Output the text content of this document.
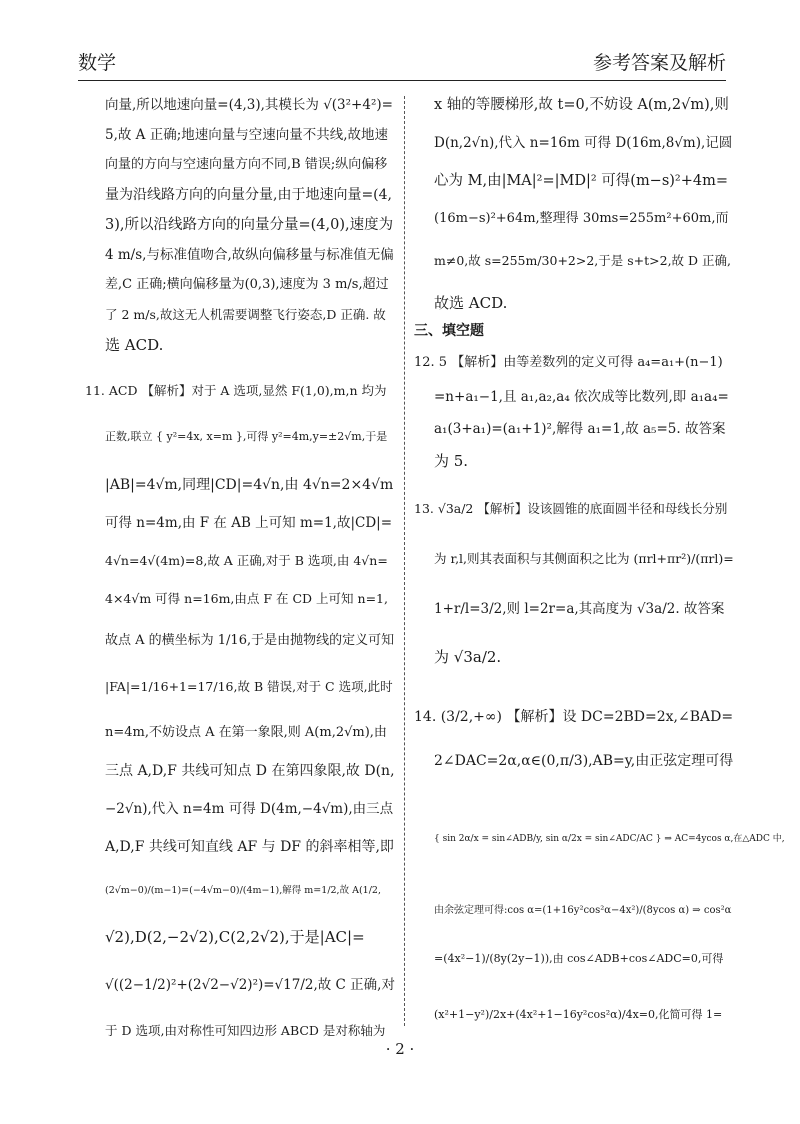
数学	参考答案及解析
向量,所以地速向量=(4,3),其模长为 √(3²+4²)=
5,故 A 正确;地速向量与空速向量不共线,故地速
向量的方向与空速向量方向不同,B 错误;纵向偏移
量为沿线路方向的向量分量,由于地速向量=(4,
3),所以沿线路方向的向量分量=(4,0),速度为
4 m/s,与标准值吻合,故纵向偏移量与标准值无偏
差,C 正确;横向偏移量为(0,3),速度为 3 m/s,超过
了 2 m/s,故这无人机需要调整飞行姿态,D 正确. 故
选 ACD.
11. ACD 【解析】对于 A 选项,显然 F(1,0),m,n 均为
正数,联立 { y²=4x, x=m },可得 y²=4m,y=±2√m,于是
|AB|=4√m,同理|CD|=4√n,由 4√n=2×4√m
可得 n=4m,由 F 在 AB 上可知 m=1,故|CD|=
4√n=4√(4m)=8,故 A 正确,对于 B 选项,由 4√n=
4×4√m 可得 n=16m,由点 F 在 CD 上可知 n=1,
故点 A 的横坐标为 1/16,于是由抛物线的定义可知
|FA|=1/16+1=17/16,故 B 错误,对于 C 选项,此时
n=4m,不妨设点 A 在第一象限,则 A(m,2√m),由
三点 A,D,F 共线可知点 D 在第四象限,故 D(n,
−2√n),代入 n=4m 可得 D(4m,−4√m),由三点
A,D,F 共线可知直线 AF 与 DF 的斜率相等,即
(2√m−0)/(m−1)=(−4√m−0)/(4m−1),解得 m=1/2,故 A(1/2,
√2),D(2,−2√2),C(2,2√2),于是|AC|=
√((2−1/2)²+(2√2−√2)²)=√17/2,故 C 正确,对
于 D 选项,由对称性可知四边形 ABCD 是对称轴为
x 轴的等腰梯形,故 t=0,不妨设 A(m,2√m),则
D(n,2√n),代入 n=16m 可得 D(16m,8√m),记圆
心为 M,由|MA|²=|MD|² 可得(m−s)²+4m=
(16m−s)²+64m,整理得 30ms=255m²+60m,而
m≠0,故 s=255m/30+2>2,于是 s+t>2,故 D 正确,
故选 ACD.
三、填空题
12. 5 【解析】由等差数列的定义可得 a₄=a₁+(n−1)
=n+a₁−1,且 a₁,a₂,a₄ 依次成等比数列,即 a₁a₄=
a₁(3+a₁)=(a₁+1)²,解得 a₁=1,故 a₅=5. 故答案
为 5.
13. √3a/2 【解析】设该圆锥的底面圆半径和母线长分别
为 r,l,则其表面积与其侧面积之比为 (πrl+πr²)/(πrl)=
1+r/l=3/2,则 l=2r=a,其高度为 √3a/2. 故答案
为 √3a/2.
14. (3/2,+∞) 【解析】设 DC=2BD=2x,∠BAD=
2∠DAC=2α,α∈(0,π/3),AB=y,由正弦定理可得
{ sin 2α/x = sin∠ADB/y, sin α/2x = sin∠ADC/AC } ⇒ AC=4ycos α,在△ADC 中,
由余弦定理可得:cos α=(1+16y²cos²α−4x²)/(8ycos α) ⇒ cos²α
=(4x²−1)/(8y(2y−1)),由 cos∠ADB+cos∠ADC=0,可得
(x²+1−y²)/2x+(4x²+1−16y²cos²α)/4x=0,化简可得 1=
· 2 ·
